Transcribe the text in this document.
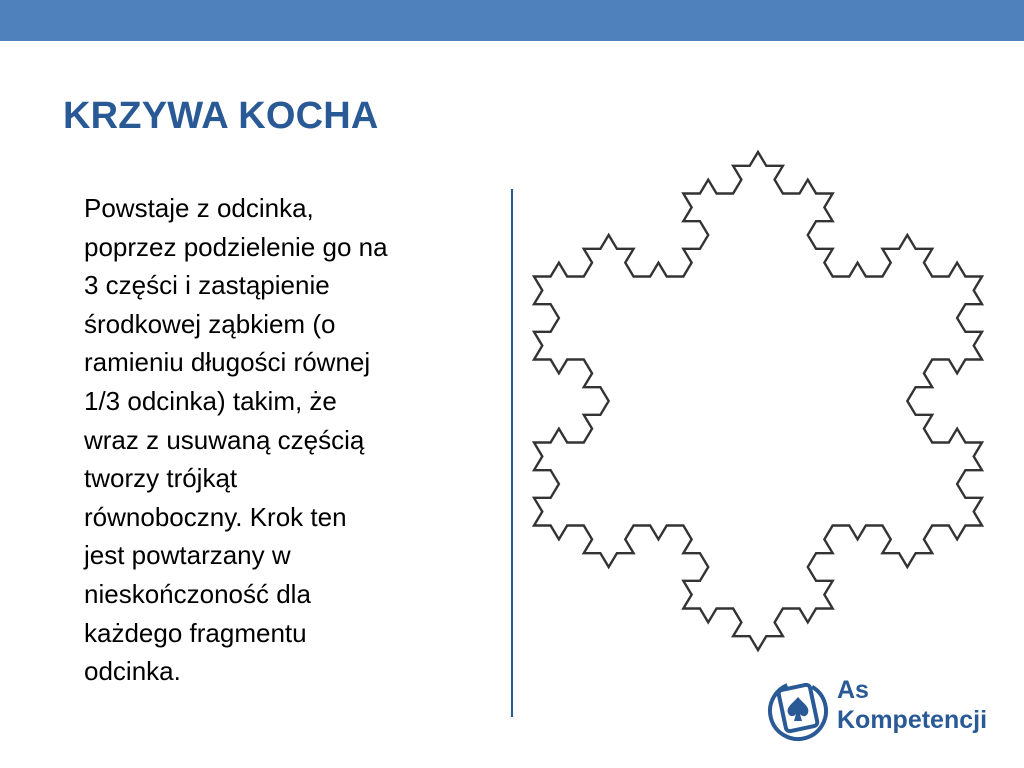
KRZYWA KOCHA
Powstaje z odcinka,
poprzez podzielenie go na
3 części i zastąpienie
środkowej ząbkiem (o
ramieniu długości równej
1/3 odcinka) takim, że
wraz z usuwaną częścią
tworzy trójkąt
równoboczny. Krok ten
jest powtarzany w
nieskończoność dla
każdego fragmentu
odcinka.
As
Kompetencji
